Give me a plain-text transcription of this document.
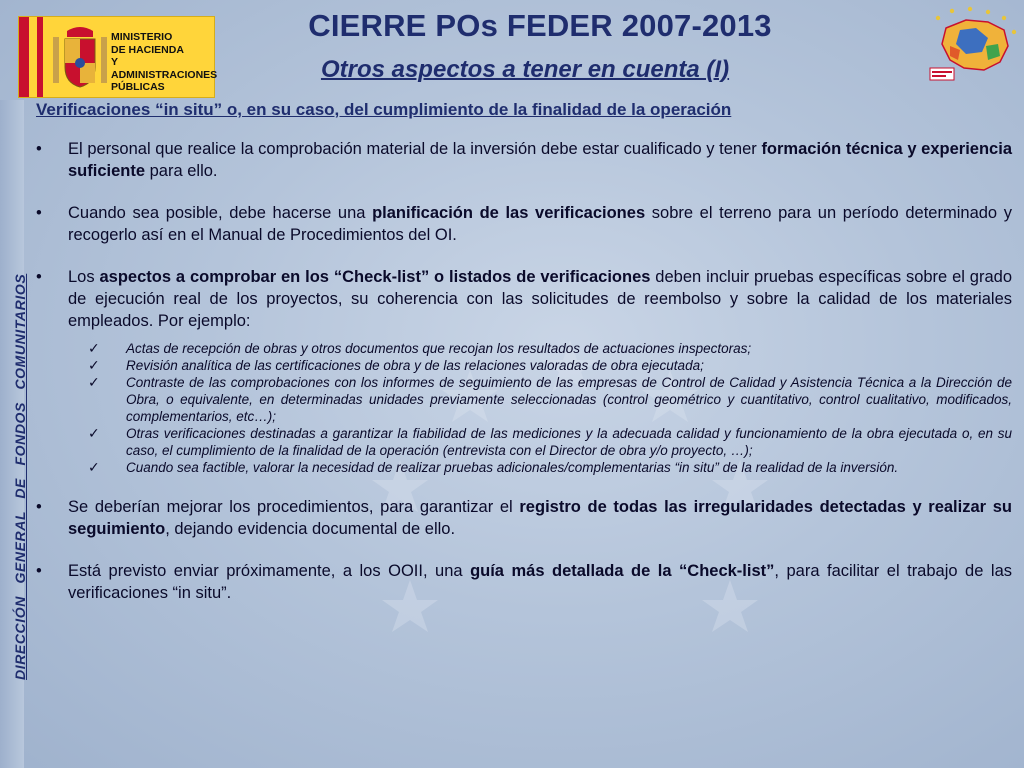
MINISTERIO
DE HACIENDA
Y ADMINISTRACIONES
PÚBLICAS
CIERRE POs FEDER 2007-2013
Otros aspectos a tener en cuenta (I)
DIRECCIÓN GENERAL DE FONDOS COMUNITARIOS
Verificaciones “in situ” o, en su caso, del cumplimiento de la finalidad de la operación
• El personal que realice la comprobación material de la inversión debe estar cualificado y tener formación técnica y experiencia suficiente para ello.
• Cuando sea posible, debe hacerse una planificación de las verificaciones sobre el terreno para un período determinado y recogerlo así en el Manual de Procedimientos del OI.
• Los aspectos a comprobar en los “Check-list” o listados de verificaciones deben incluir pruebas específicas sobre el grado de ejecución real de los proyectos, su coherencia con las solicitudes de reembolso y sobre la calidad de los materiales empleados. Por ejemplo:
✓ Actas de recepción de obras y otros documentos que recojan los resultados de actuaciones inspectoras;
✓ Revisión analítica de las certificaciones de obra y de las relaciones valoradas de obra ejecutada;
✓ Contraste de las comprobaciones con los informes de seguimiento de las empresas de Control de Calidad y Asistencia Técnica a la Dirección de Obra, o equivalente, en determinadas unidades previamente seleccionadas (control geométrico y cuantitativo, control cualitativo, modificados, complementarios, etc…);
✓ Otras verificaciones destinadas a garantizar la fiabilidad de las mediciones y la adecuada calidad y funcionamiento de la obra ejecutada o, en su caso, el cumplimiento de la finalidad de la operación (entrevista con el Director de obra y/o proyecto, …);
✓ Cuando sea factible, valorar la necesidad de realizar pruebas adicionales/complementarias “in situ” de la realidad de la inversión.
• Se deberían mejorar los procedimientos, para garantizar el registro de todas las irregularidades detectadas y realizar su seguimiento, dejando evidencia documental de ello.
• Está previsto enviar próximamente, a los OOII, una guía más detallada de la “Check-list”, para facilitar el trabajo de las verificaciones “in situ”.
